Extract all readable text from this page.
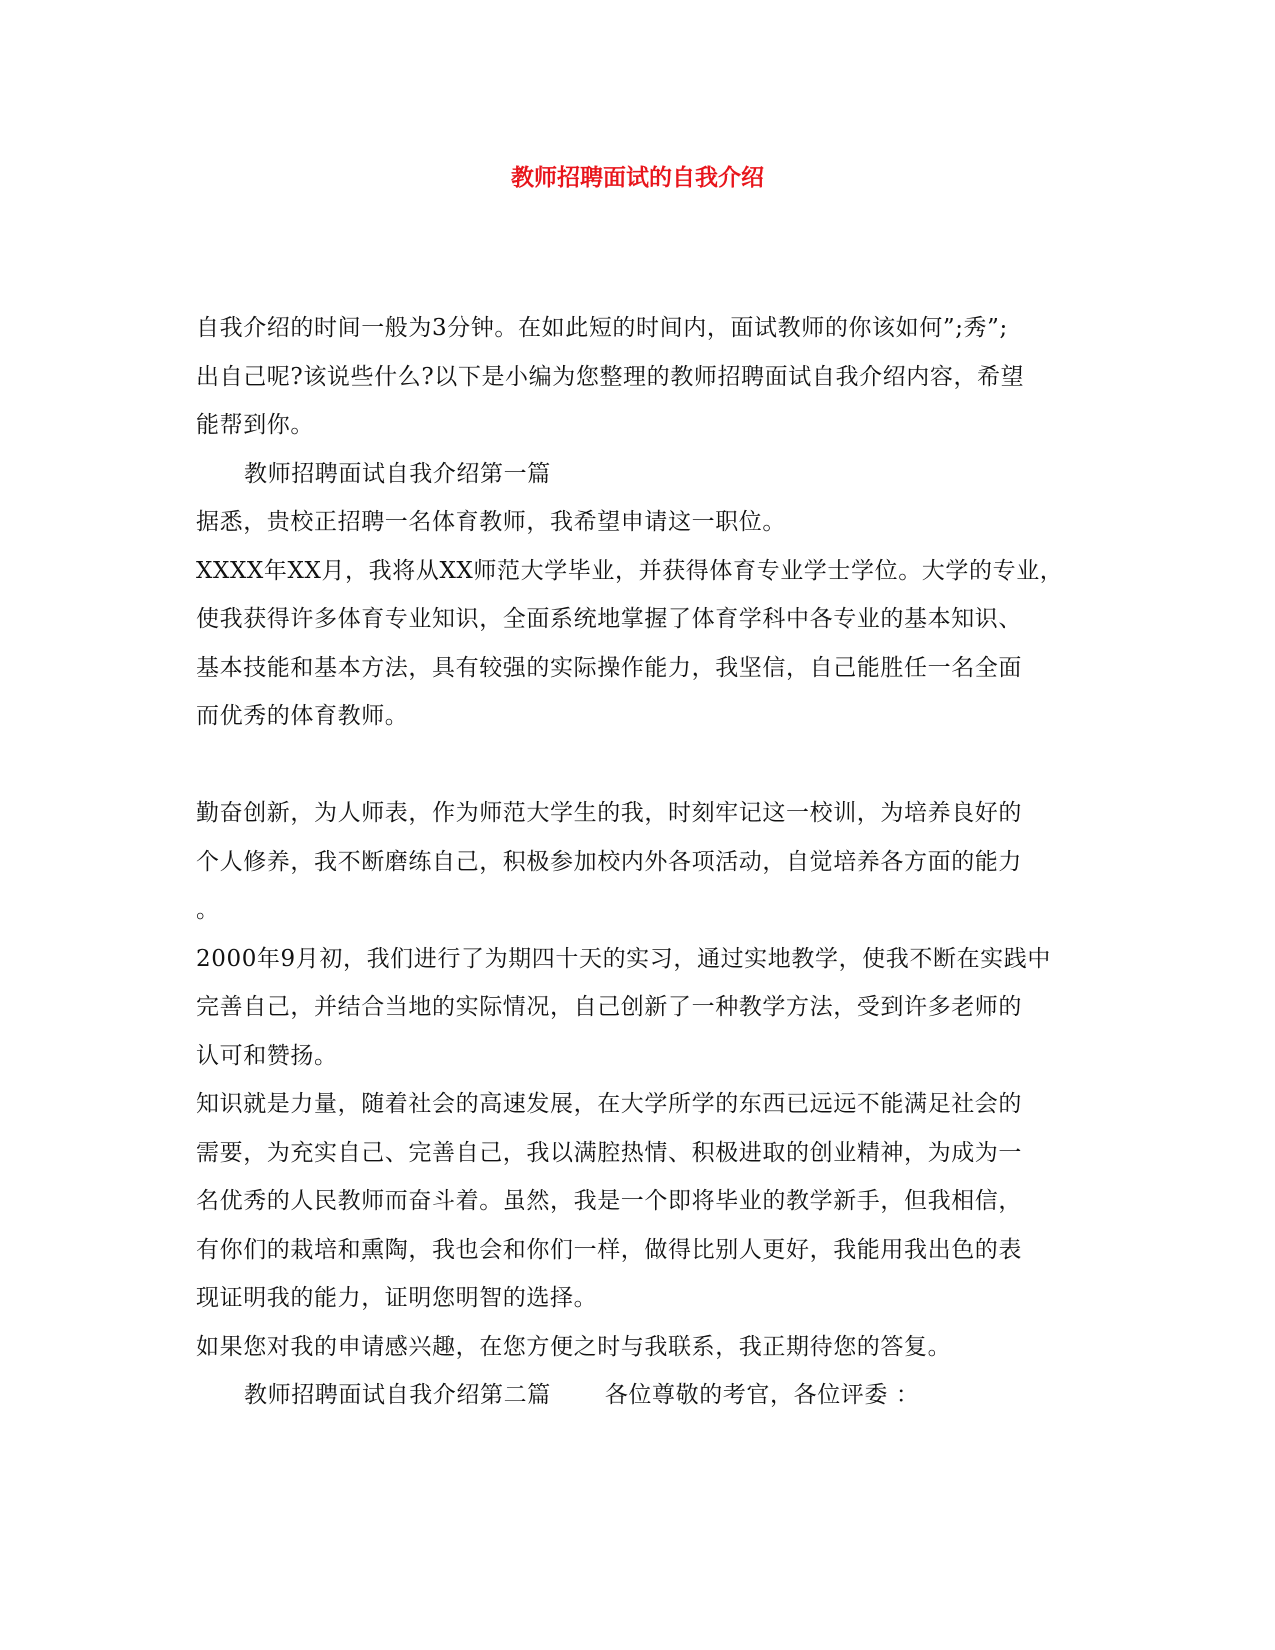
教师招聘面试的自我介绍

自我介绍的时间一般为3分钟。在如此短的时间内，面试教师的你该如何”;秀”;

出自己呢?该说些什么?以下是小编为您整理的教师招聘面试自我介绍内容，希望

能帮到你。

教师招聘面试自我介绍第一篇

据悉，贵校正招聘一名体育教师，我希望申请这一职位。

XXXX年XX月，我将从XX师范大学毕业，并获得体育专业学士学位。大学的专业，

使我获得许多体育专业知识，全面系统地掌握了体育学科中各专业的基本知识、

基本技能和基本方法，具有较强的实际操作能力，我坚信，自己能胜任一名全面

而优秀的体育教师。

勤奋创新，为人师表，作为师范大学生的我，时刻牢记这一校训，为培养良好的

个人修养，我不断磨练自己，积极参加校内外各项活动，自觉培养各方面的能力

。

2000年9月初，我们进行了为期四十天的实习，通过实地教学，使我不断在实践中

完善自己，并结合当地的实际情况，自己创新了一种教学方法，受到许多老师的

认可和赞扬。

知识就是力量，随着社会的高速发展，在大学所学的东西已远远不能满足社会的

需要，为充实自己、完善自己，我以满腔热情、积极进取的创业精神，为成为一

名优秀的人民教师而奋斗着。虽然，我是一个即将毕业的教学新手，但我相信，

有你们的栽培和熏陶，我也会和你们一样，做得比别人更好，我能用我出色的表

现证明我的能力，证明您明智的选择。

如果您对我的申请感兴趣，在您方便之时与我联系，我正期待您的答复。

教师招聘面试自我介绍第二篇 各位尊敬的考官，各位评委 ：
